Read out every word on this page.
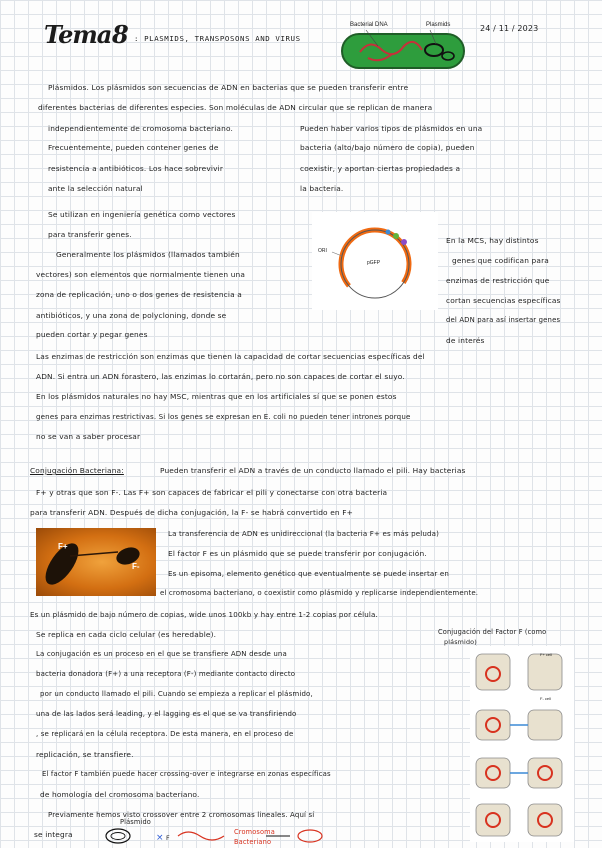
Tema 8 : PLASMIDS, TRANSPOSONS AND VIRUS
24 / 11 / 2023
Bacterial DNA	Plasmids
Plásmidos. Los plásmidos son secuencias de ADN en bacterias que se pueden transferir entre
diferentes bacterias de diferentes especies. Son moléculas de ADN circular que se replican de manera
independientemente de cromosoma bacteriano.
Frecuentemente, pueden contener genes de
resistencia a antibióticos. Los hace sobrevivir
ante la selección natural
Pueden haber varios tipos de plásmidos en una
bacteria (alto/bajo número de copia), pueden
coexistir, y aportan ciertas propiedades a
la bacteria.
Se utilizan en ingeniería genética como vectores
para transferir genes.
Generalmente los plásmidos (llamados también
vectores) son elementos que normalmente tienen una
zona de replicación, uno o dos genes de resistencia a
antibióticos, y una zona de polycloning, donde se
pueden cortar y pegar genes
pGFP
ORI
En la MCS, hay distintos
genes que codifican para
enzimas de restricción que
cortan secuencias específicas
del ADN para así insertar genes
de interés
Las enzimas de restricción son enzimas que tienen la capacidad de cortar secuencias específicas del
ADN. Si entra un ADN forastero, las enzimas lo cortarán, pero no son capaces de cortar el suyo.
En los plásmidos naturales no hay MSC, mientras que en los artificiales sí que se ponen estos
genes para enzimas restrictivas. Si los genes se expresan en E. coli no pueden tener intrones porque
no se van a saber procesar
Conjugación Bacteriana:	Pueden transferir el ADN a través de un conducto llamado el pili. Hay bacterias
F+ y otras que son F-. Las F+ son capaces de fabricar el pili y conectarse con otra bacteria
para transferir ADN. Después de dicha conjugación, la F- se habrá convertido en F+
F+
F-
La transferencia de ADN es unidireccional (la bacteria F+ es más peluda)
El factor F es un plásmido que se puede transferir por conjugación.
Es un episoma, elemento genético que eventualmente se puede insertar en
el cromosoma bacteriano, o coexistir como plásmido y replicarse independientemente.
Es un plásmido de bajo número de copias, wide unos 100kb y hay entre 1-2 copias por célula.
Se replica en cada ciclo celular (es heredable).
La conjugación es un proceso en el que se transfiere ADN desde una
bacteria donadora (F+) a una receptora (F-) mediante contacto directo
por un conducto llamado el pili. Cuando se empieza a replicar el plásmido,
una de las lados será leading, y el lagging es el que se va transfiriendo
, se replicará en la célula receptora. De esta manera, en el proceso de
replicación, se transfiere.
El factor F también puede hacer crossing-over e integrarse en zonas específicas
de homología del cromosoma bacteriano.
Previamente hemos visto crossover entre 2 cromosomas lineales. Aquí sí
Conjugación del Factor F (como
plásmido)
F+ cell
F- cell
se integra
Plásmido
× F
Cromosoma
Bacteriano
